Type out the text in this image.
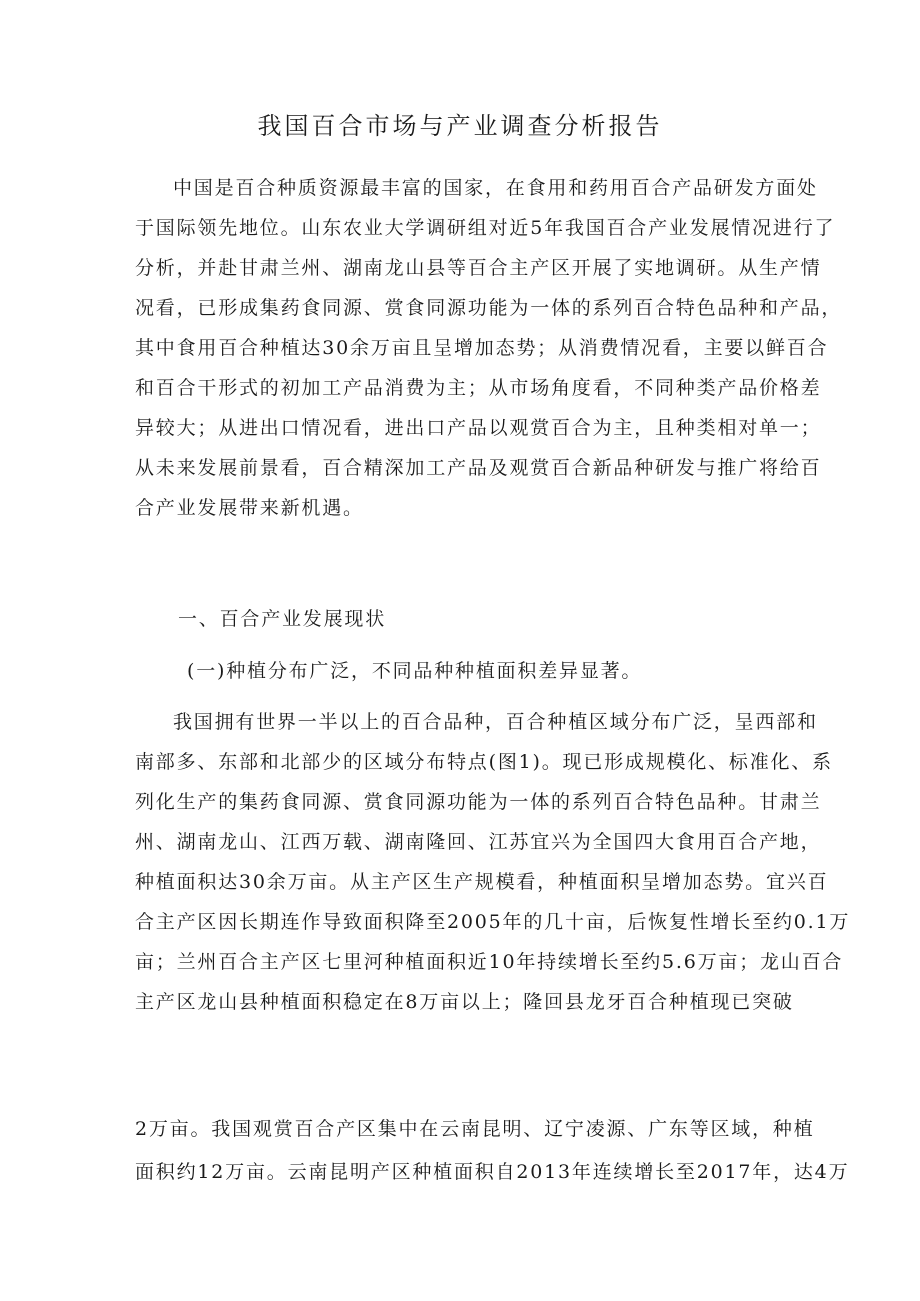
我国百合市场与产业调查分析报告
中国是百合种质资源最丰富的国家，在食用和药用百合产品研发方面处
于国际领先地位。山东农业大学调研组对近5年我国百合产业发展情况进行了
分析，并赴甘肃兰州、湖南龙山县等百合主产区开展了实地调研。从生产情
况看，已形成集药食同源、赏食同源功能为一体的系列百合特色品种和产品，
其中食用百合种植达30余万亩且呈增加态势；从消费情况看，主要以鲜百合
和百合干形式的初加工产品消费为主；从市场角度看，不同种类产品价格差
异较大；从进出口情况看，进出口产品以观赏百合为主，且种类相对单一；
从未来发展前景看，百合精深加工产品及观赏百合新品种研发与推广将给百
合产业发展带来新机遇。
一、百合产业发展现状
(一)种植分布广泛，不同品种种植面积差异显著。
我国拥有世界一半以上的百合品种，百合种植区域分布广泛，呈西部和
南部多、东部和北部少的区域分布特点(图1)。现已形成规模化、标准化、系
列化生产的集药食同源、赏食同源功能为一体的系列百合特色品种。甘肃兰
州、湖南龙山、江西万载、湖南隆回、江苏宜兴为全国四大食用百合产地，
种植面积达30余万亩。从主产区生产规模看，种植面积呈增加态势。宜兴百
合主产区因长期连作导致面积降至2005年的几十亩，后恢复性增长至约0.1万
亩；兰州百合主产区七里河种植面积近10年持续增长至约5.6万亩；龙山百合
主产区龙山县种植面积稳定在8万亩以上；隆回县龙牙百合种植现已突破
2万亩。我国观赏百合产区集中在云南昆明、辽宁凌源、广东等区域，种植
面积约12万亩。云南昆明产区种植面积自2013年连续增长至2017年，达4万
